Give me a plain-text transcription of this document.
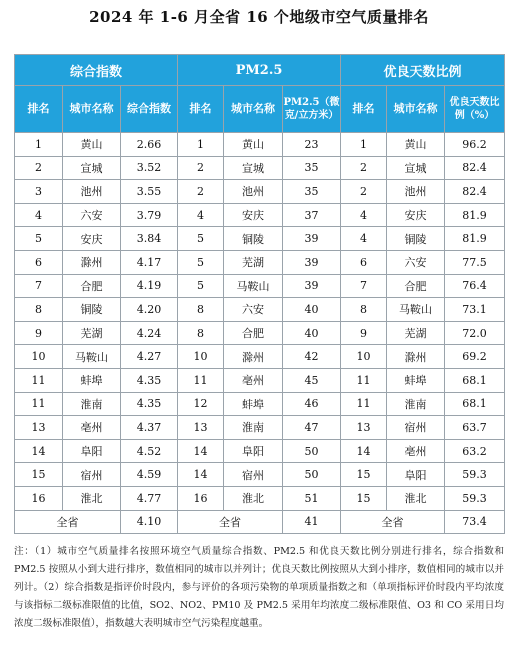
2024 年 1-6 月全省 16 个地级市空气质量排名
综合指数			PM2.5			优良天数比例		
排名	城市名称	综合指数	排名	城市名称	PM2.5（微克/立方米）	排名	城市名称	优良天数比例（%）
1	黄山	2.66	1	黄山	23	1	黄山	96.2
2	宣城	3.52	2	宣城	35	2	宣城	82.4
3	池州	3.55	2	池州	35	2	池州	82.4
4	六安	3.79	4	安庆	37	4	安庆	81.9
5	安庆	3.84	5	铜陵	39	4	铜陵	81.9
6	滁州	4.17	5	芜湖	39	6	六安	77.5
7	合肥	4.19	5	马鞍山	39	7	合肥	76.4
8	铜陵	4.20	8	六安	40	8	马鞍山	73.1
9	芜湖	4.24	8	合肥	40	9	芜湖	72.0
10	马鞍山	4.27	10	滁州	42	10	滁州	69.2
11	蚌埠	4.35	11	亳州	45	11	蚌埠	68.1
11	淮南	4.35	12	蚌埠	46	11	淮南	68.1
13	亳州	4.37	13	淮南	47	13	宿州	63.7
14	阜阳	4.52	14	阜阳	50	14	亳州	63.2
15	宿州	4.59	14	宿州	50	15	阜阳	59.3
16	淮北	4.77	16	淮北	51	15	淮北	59.3
全省		4.10	全省		41	全省		73.4
注：（1）城市空气质量排名按照环境空气质量综合指数、PM2.5 和优良天数比例分别进行排名，综合指数和 PM2.5 按照从小到大进行排序，数值相同的城市以并列计；优良天数比例按照从大到小排序，数值相同的城市以并列计。（2）综合指数是指评价时段内，参与评价的各项污染物的单项质量指数之和（单项指标评价时段内平均浓度与该指标二级标准限值的比值，SO2、NO2、PM10 及 PM2.5 采用年均浓度二级标准限值、O3 和 CO 采用日均浓度二级标准限值），指数越大表明城市空气污染程度越重。
